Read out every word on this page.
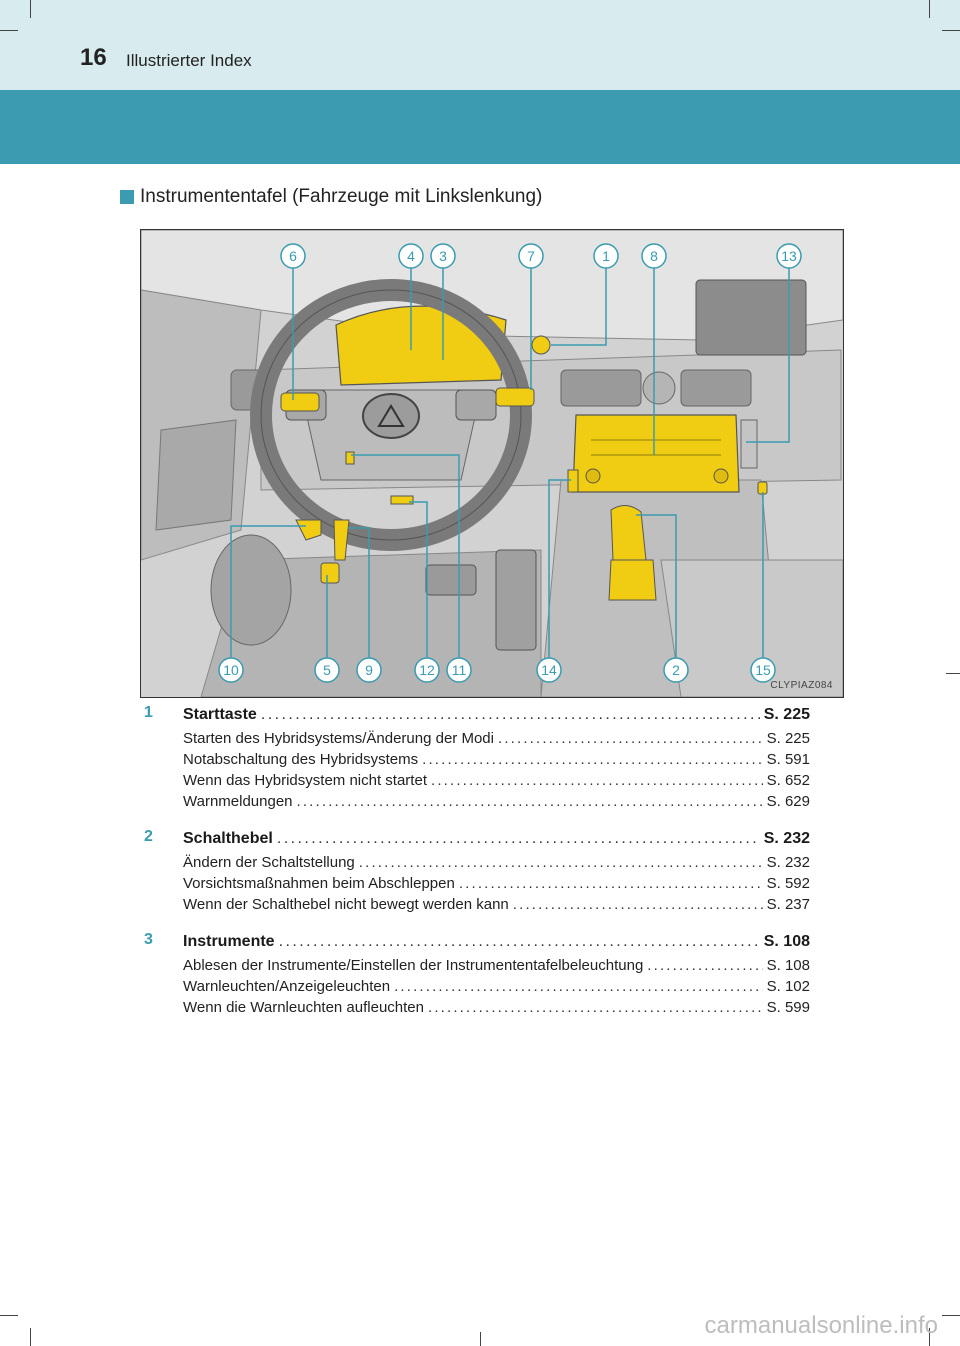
16 Illustrierter Index
Instrumententafel (Fahrzeuge mit Linkslenkung)
6	4 3	7	1	8	13
10	5 9	12 11	14	2	15
CLYPIAZ084
1 Starttaste . . .	S. 225
Starten des Hybridsystems/Änderung der Modi . . .	S. 225
Notabschaltung des Hybridsystems . . .	S. 591
Wenn das Hybridsystem nicht startet . . .	S. 652
Warnmeldungen . . .	S. 629
2 Schalthebel . . .	S. 232
Ändern der Schaltstellung . . .	S. 232
Vorsichtsmaßnahmen beim Abschleppen . . .	S. 592
Wenn der Schalthebel nicht bewegt werden kann . . .	S. 237
3 Instrumente . . .	S. 108
Ablesen der Instrumente/Einstellen der Instrumententafelbeleuchtung . . .	S. 108
Warnleuchten/Anzeigeleuchten . . .	S. 102
Wenn die Warnleuchten aufleuchten . . .	S. 599
carmanualsonline.info
